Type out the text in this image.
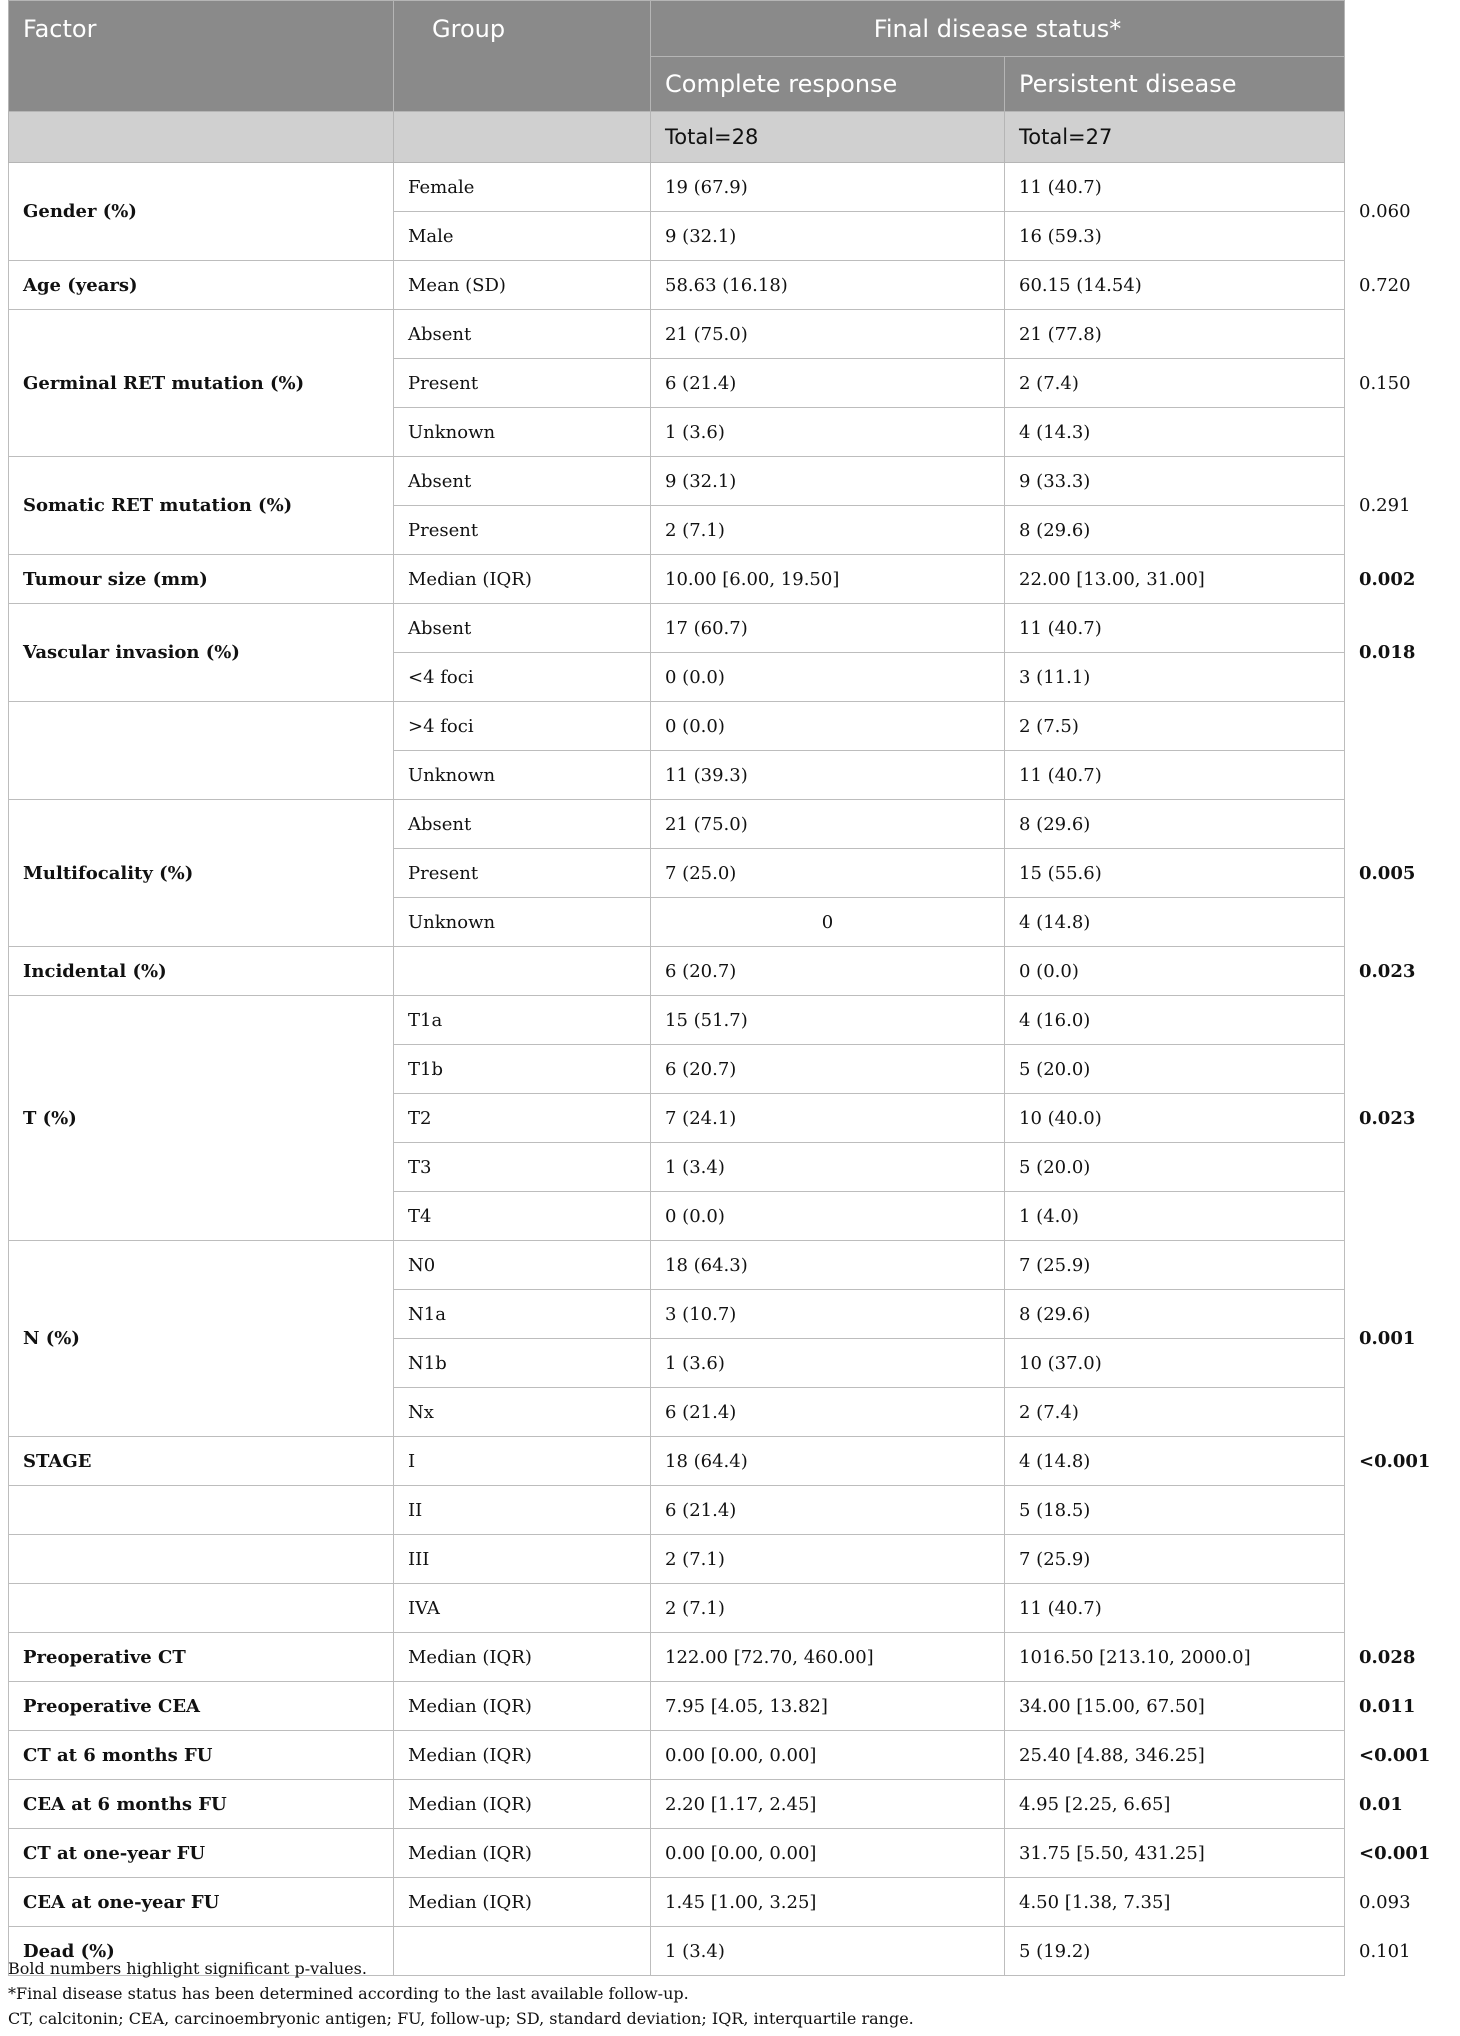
Factor	Group	Final disease status*		p-value
		Complete response	Persistent disease	
		Total=28	Total=27	
Gender (%)	Female	19 (67.9)	11 (40.7)	0.060
	Male	9 (32.1)	16 (59.3)	
Age (years)	Mean (SD)	58.63 (16.18)	60.15 (14.54)	0.720
Germinal RET mutation (%)	Absent	21 (75.0)	21 (77.8)	0.150
	Present	6 (21.4)	2 (7.4)	
	Unknown	1 (3.6)	4 (14.3)	
Somatic RET mutation (%)	Absent	9 (32.1)	9 (33.3)	0.291
	Present	2 (7.1)	8 (29.6)	
Tumour size (mm)	Median (IQR)	10.00 [6.00, 19.50]	22.00 [13.00, 31.00]	0.002
Vascular invasion (%)	Absent	17 (60.7)	11 (40.7)	0.018
	<4 foci	0 (0.0)	3 (11.1)	
	>4 foci	0 (0.0)	2 (7.5)	
	Unknown	11 (39.3)	11 (40.7)	
Multifocality (%)	Absent	21 (75.0)	8 (29.6)	0.005
	Present	7 (25.0)	15 (55.6)	
	Unknown	0	4 (14.8)	
Incidental (%)		6 (20.7)	0 (0.0)	0.023
T (%)	T1a	15 (51.7)	4 (16.0)	0.023
	T1b	6 (20.7)	5 (20.0)	
	T2	7 (24.1)	10 (40.0)	
	T3	1 (3.4)	5 (20.0)	
	T4	0 (0.0)	1 (4.0)	
N (%)	N0	18 (64.3)	7 (25.9)	0.001
	N1a	3 (10.7)	8 (29.6)	
	N1b	1 (3.6)	10 (37.0)	
	Nx	6 (21.4)	2 (7.4)	
STAGE	I	18 (64.4)	4 (14.8)	<0.001
	II	6 (21.4)	5 (18.5)	
	III	2 (7.1)	7 (25.9)	
	IVA	2 (7.1)	11 (40.7)	
Preoperative CT	Median (IQR)	122.00 [72.70, 460.00]	1016.50 [213.10, 2000.0]	0.028
Preoperative CEA	Median (IQR)	7.95 [4.05, 13.82]	34.00 [15.00, 67.50]	0.011
CT at 6 months FU	Median (IQR)	0.00 [0.00, 0.00]	25.40 [4.88, 346.25]	<0.001
CEA at 6 months FU	Median (IQR)	2.20 [1.17, 2.45]	4.95 [2.25, 6.65]	0.01
CT at one-year FU	Median (IQR)	0.00 [0.00, 0.00]	31.75 [5.50, 431.25]	<0.001
CEA at one-year FU	Median (IQR)	1.45 [1.00, 3.25]	4.50 [1.38, 7.35]	0.093
Dead (%)		1 (3.4)	5 (19.2)	0.101
Bold numbers highlight significant p-values.
*Final disease status has been determined according to the last available follow-up.
CT, calcitonin; CEA, carcinoembryonic antigen; FU, follow-up; SD, standard deviation; IQR, interquartile range.
